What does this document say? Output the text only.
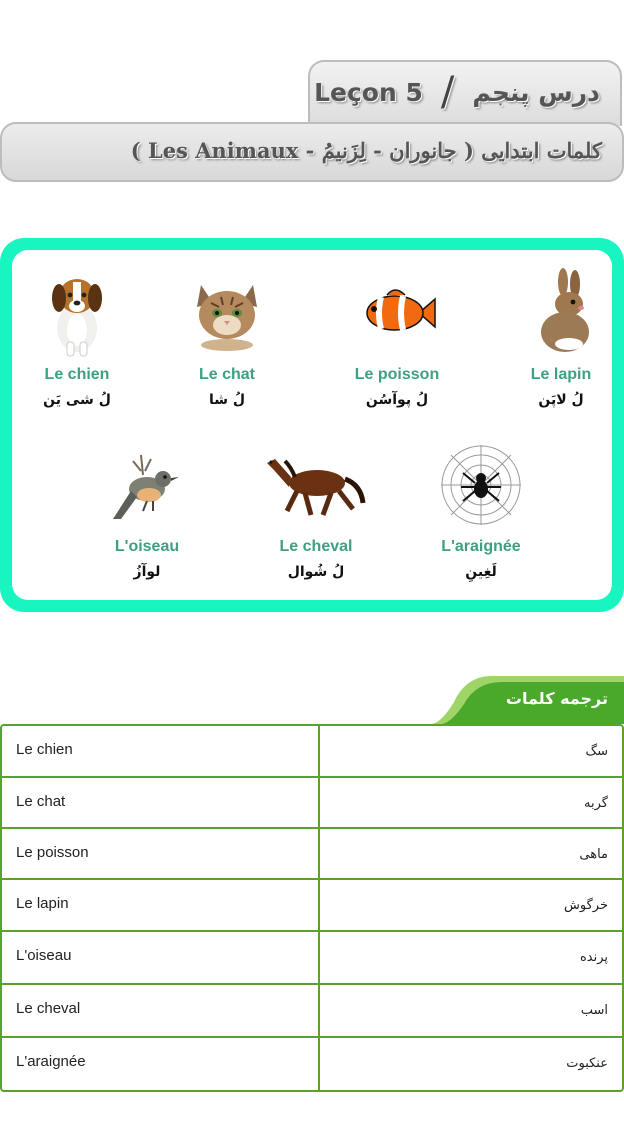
درس پنجم
/
Leçon 5
کلمات ابتدایی ( جانوران - لِزَنیمُ - Les Animaux )
Le chien
لُ شی یَن
Le chat
لُ شا
Le poisson
لُ پوآسُن
Le lapin
لُ لاپَن
L'oiseau
لوآزُ
Le cheval
لُ شُوال
L'araignée
لَغِینِ
ترجمه کلمات
Le chien	سگ
Le chat	گربه
Le poisson	ماهی
Le lapin	خرگوش
L'oiseau	پرنده
Le cheval	اسب
L'araignée	عنکبوت
